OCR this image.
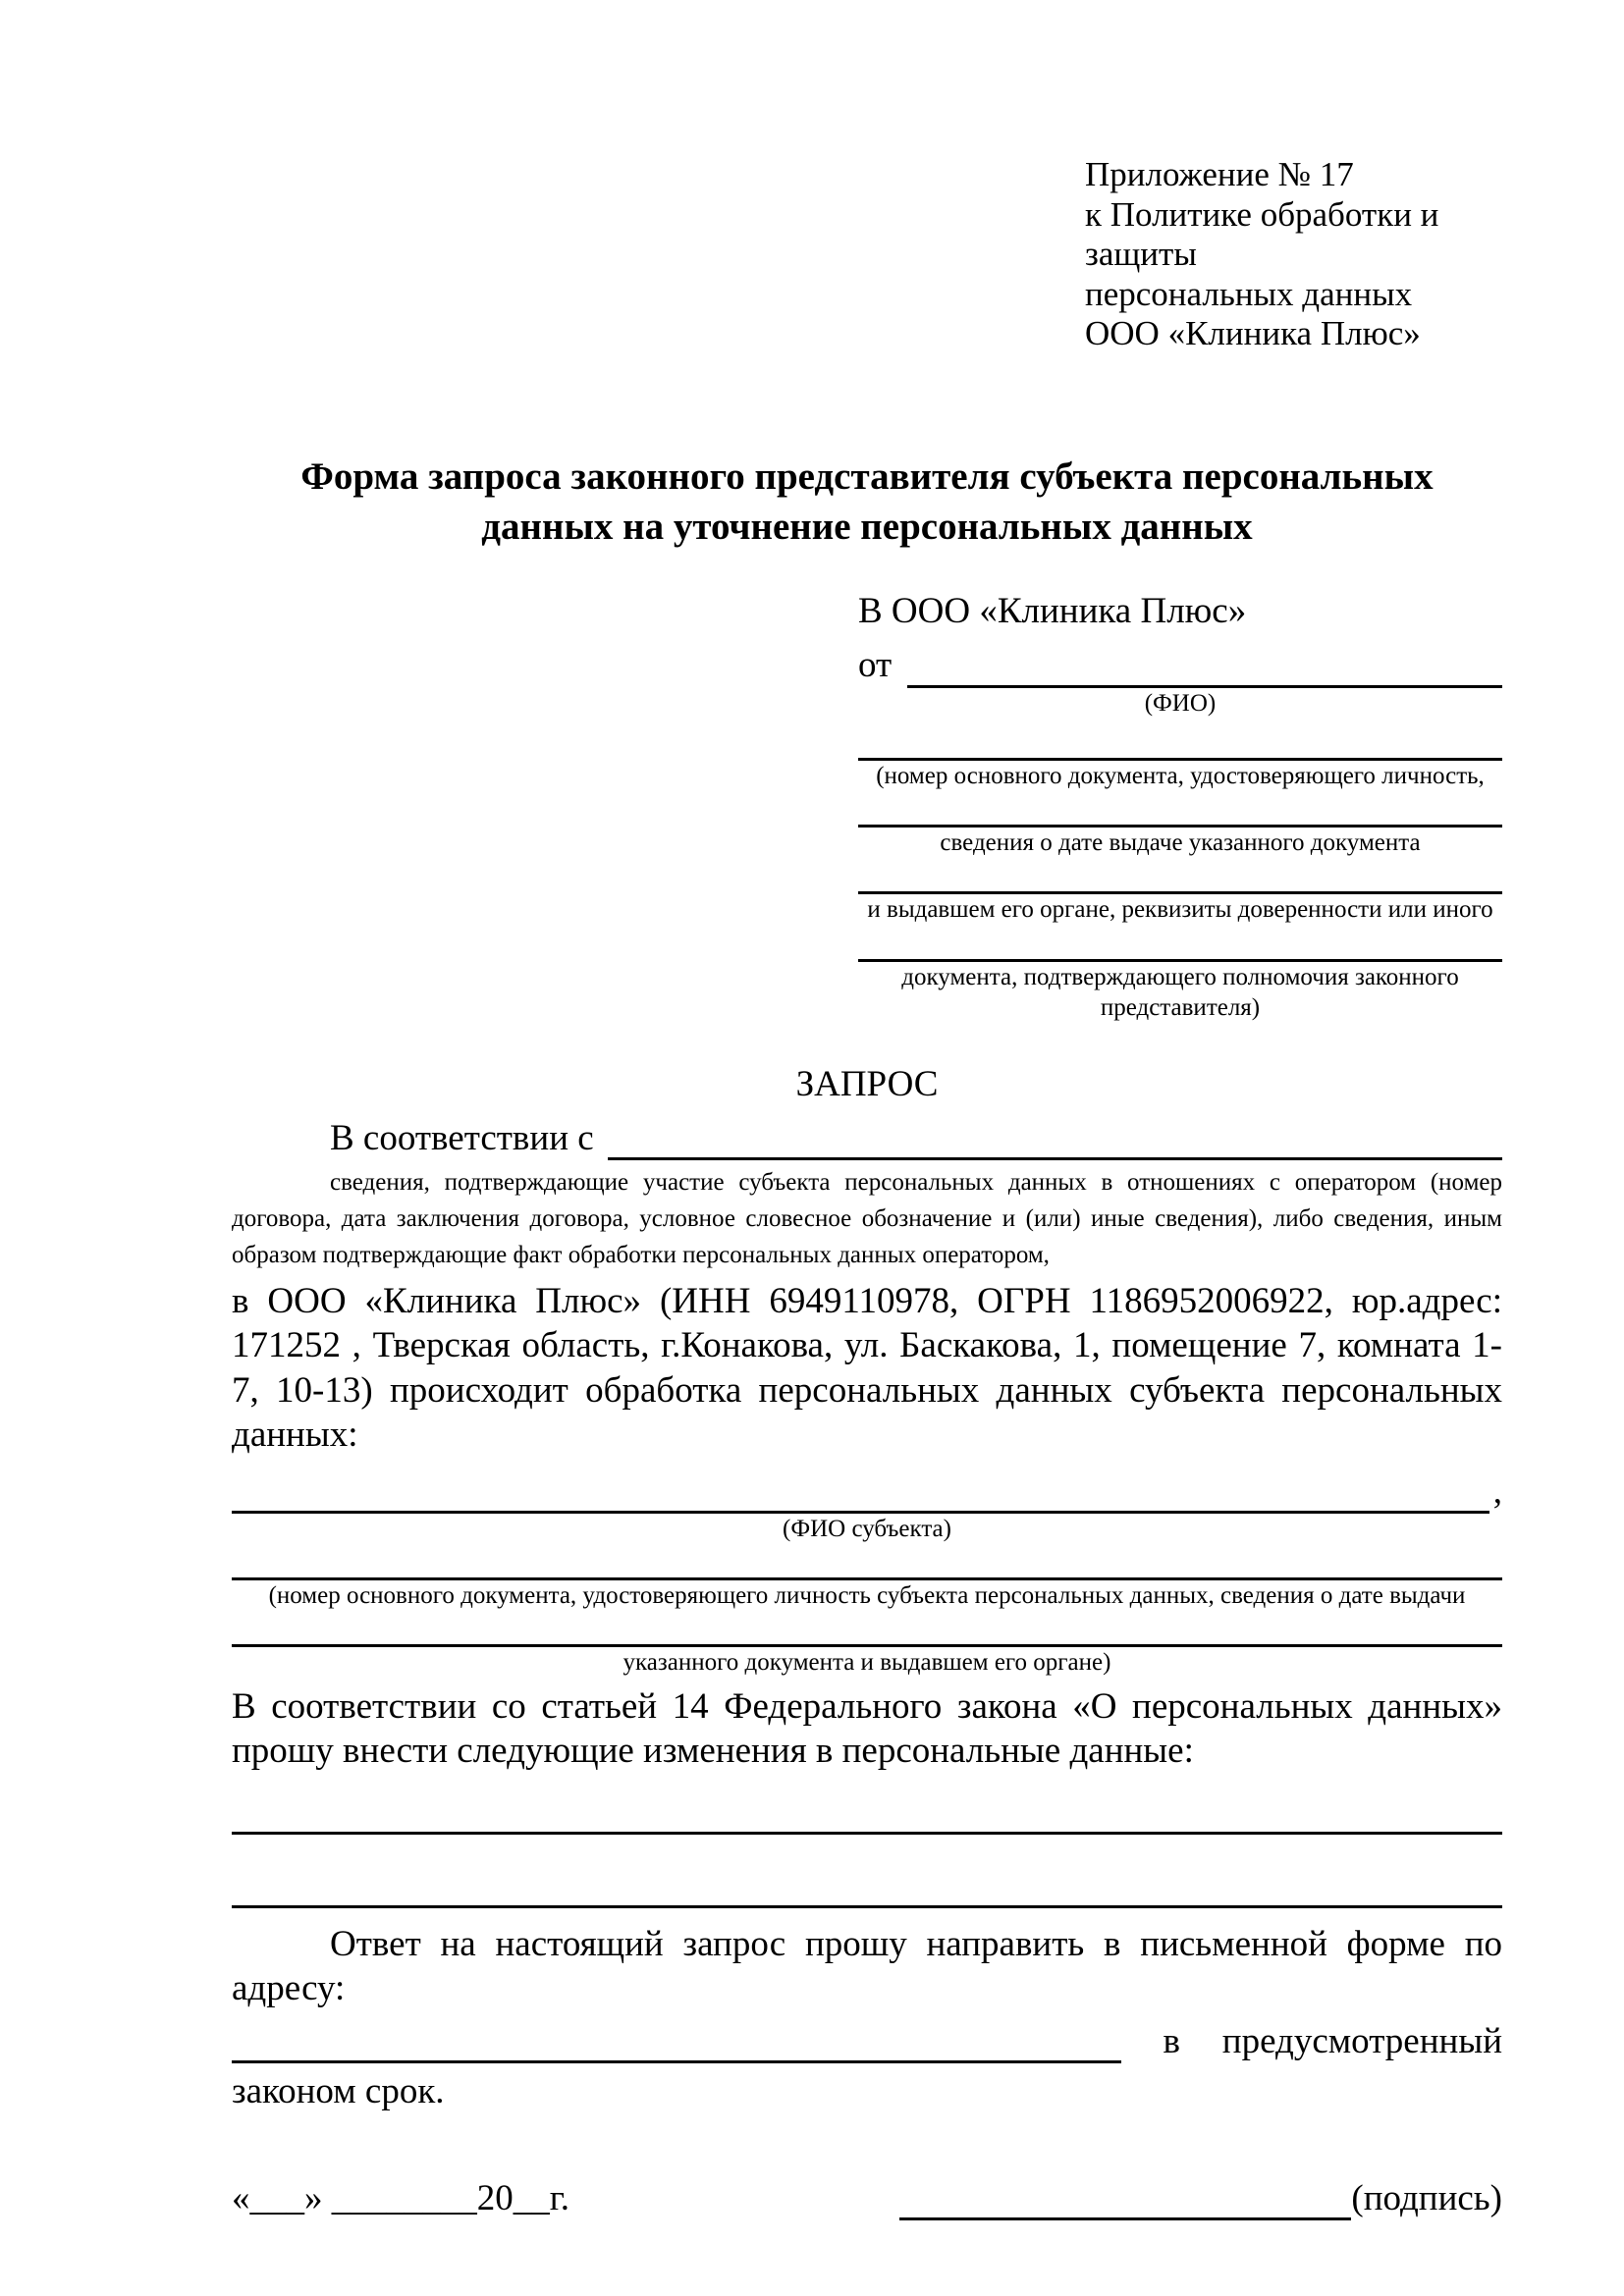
Приложение № 17
к Политике обработки и защиты
персональных данных
ООО «Клиника Плюс»
Форма запроса законного представителя субъекта персональных данных на уточнение персональных данных
В ООО «Клиника Плюс»
от
(ФИО)
(номер основного документа, удостоверяющего личность,
сведения о дате выдаче указанного документа
и выдавшем его органе, реквизиты доверенности или иного
документа, подтверждающего полномочия законного представителя)
ЗАПРОС
В соответствии с
сведения, подтверждающие участие субъекта персональных данных в отношениях с оператором (номер договора, дата заключения договора, условное словесное обозначение и (или) иные сведения), либо сведения, иным образом подтверждающие факт обработки персональных данных оператором,
в ООО «Клиника Плюс» (ИНН 6949110978, ОГРН 1186952006922, юр.адрес: 171252 , Тверская область, г.Конакова, ул. Баскакова, 1, помещение 7, комната 1-7, 10-13) происходит обработка персональных данных субъекта персональных данных:
,
(ФИО субъекта)
(номер основного документа, удостоверяющего личность субъекта персональных данных, сведения о дате выдачи
указанного документа и выдавшем его органе)
В соответствии со статьей 14 Федерального закона «О персональных данных» прошу внести следующие изменения в персональные данные:
Ответ на настоящий запрос прошу направить в письменной форме по адресу:
в предусмотренный
законом срок.
«___» ________20__г.	(подпись)
